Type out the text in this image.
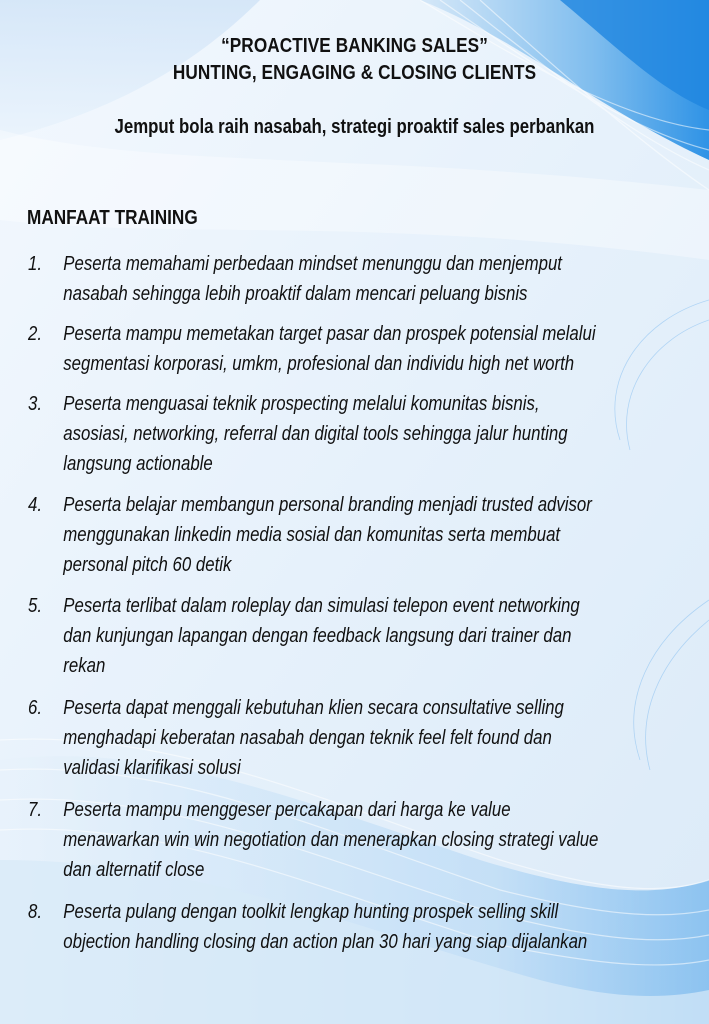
“PROACTIVE BANKING SALES”
HUNTING, ENGAGING & CLOSING CLIENTS
Jemput bola raih nasabah, strategi proaktif sales perbankan
MANFAAT TRAINING
1.	Peserta memahami perbedaan mindset menunggu dan menjemput
nasabah sehingga lebih proaktif dalam mencari peluang bisnis
2.	Peserta mampu memetakan target pasar dan prospek potensial melalui
segmentasi korporasi, umkm, profesional dan individu high net worth
3.	Peserta menguasai teknik prospecting melalui komunitas bisnis,
asosiasi, networking, referral dan digital tools sehingga jalur hunting
langsung actionable
4.	Peserta belajar membangun personal branding menjadi trusted advisor
menggunakan linkedin media sosial dan komunitas serta membuat
personal pitch 60 detik
5.	Peserta terlibat dalam roleplay dan simulasi telepon event networking
dan kunjungan lapangan dengan feedback langsung dari trainer dan
rekan
6.	Peserta dapat menggali kebutuhan klien secara consultative selling
menghadapi keberatan nasabah dengan teknik feel felt found dan
validasi klarifikasi solusi
7.	Peserta mampu menggeser percakapan dari harga ke value
menawarkan win win negotiation dan menerapkan closing strategi value
dan alternatif close
8.	Peserta pulang dengan toolkit lengkap hunting prospek selling skill
objection handling closing dan action plan 30 hari yang siap dijalankan
